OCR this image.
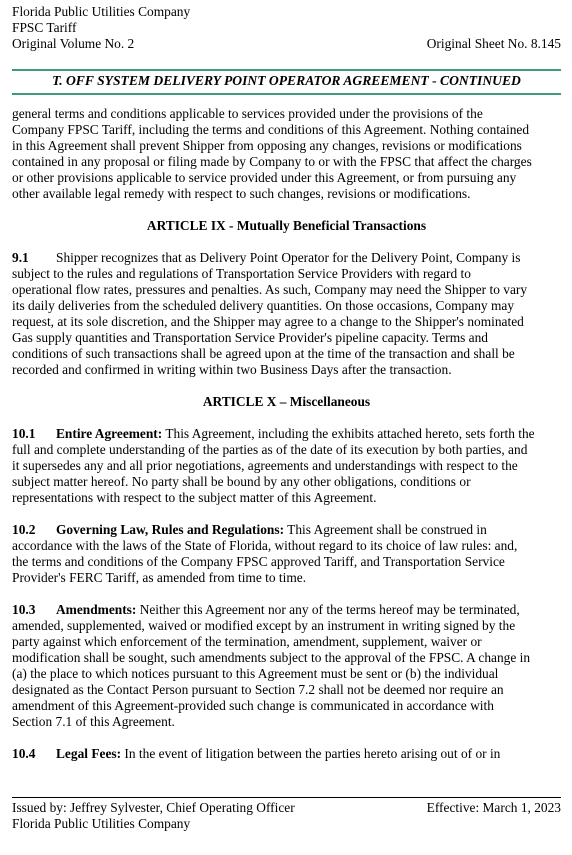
Florida Public Utilities Company
FPSC Tariff
Original Volume No. 2	Original Sheet No. 8.145
T. OFF SYSTEM DELIVERY POINT OPERATOR AGREEMENT - CONTINUED

general terms and conditions applicable to services provided under the provisions of the
Company FPSC Tariff, including the terms and conditions of this Agreement. Nothing contained
in this Agreement shall prevent Shipper from opposing any changes, revisions or modifications
contained in any proposal or filing made by Company to or with the FPSC that affect the charges
or other provisions applicable to service provided under this Agreement, or from pursuing any
other available legal remedy with respect to such changes, revisions or modifications.

ARTICLE IX - Mutually Beneficial Transactions

9.1 Shipper recognizes that as Delivery Point Operator for the Delivery Point, Company is
subject to the rules and regulations of Transportation Service Providers with regard to
operational flow rates, pressures and penalties. As such, Company may need the Shipper to vary
its daily deliveries from the scheduled delivery quantities. On those occasions, Company may
request, at its sole discretion, and the Shipper may agree to a change to the Shipper's nominated
Gas supply quantities and Transportation Service Provider's pipeline capacity. Terms and
conditions of such transactions shall be agreed upon at the time of the transaction and shall be
recorded and confirmed in writing within two Business Days after the transaction.

ARTICLE X – Miscellaneous

10.1 Entire Agreement: This Agreement, including the exhibits attached hereto, sets forth the
full and complete understanding of the parties as of the date of its execution by both parties, and
it supersedes any and all prior negotiations, agreements and understandings with respect to the
subject matter hereof. No party shall be bound by any other obligations, conditions or
representations with respect to the subject matter of this Agreement.

10.2 Governing Law, Rules and Regulations: This Agreement shall be construed in
accordance with the laws of the State of Florida, without regard to its choice of law rules: and,
the terms and conditions of the Company FPSC approved Tariff, and Transportation Service
Provider's FERC Tariff, as amended from time to time.

10.3 Amendments: Neither this Agreement nor any of the terms hereof may be terminated,
amended, supplemented, waived or modified except by an instrument in writing signed by the
party against which enforcement of the termination, amendment, supplement, waiver or
modification shall be sought, such amendments subject to the approval of the FPSC. A change in
(a) the place to which notices pursuant to this Agreement must be sent or (b) the individual
designated as the Contact Person pursuant to Section 7.2 shall not be deemed nor require an
amendment of this Agreement-provided such change is communicated in accordance with
Section 7.1 of this Agreement.

10.4 Legal Fees: In the event of litigation between the parties hereto arising out of or in

Issued by: Jeffrey Sylvester, Chief Operating Officer	Effective: March 1, 2023
Florida Public Utilities Company
